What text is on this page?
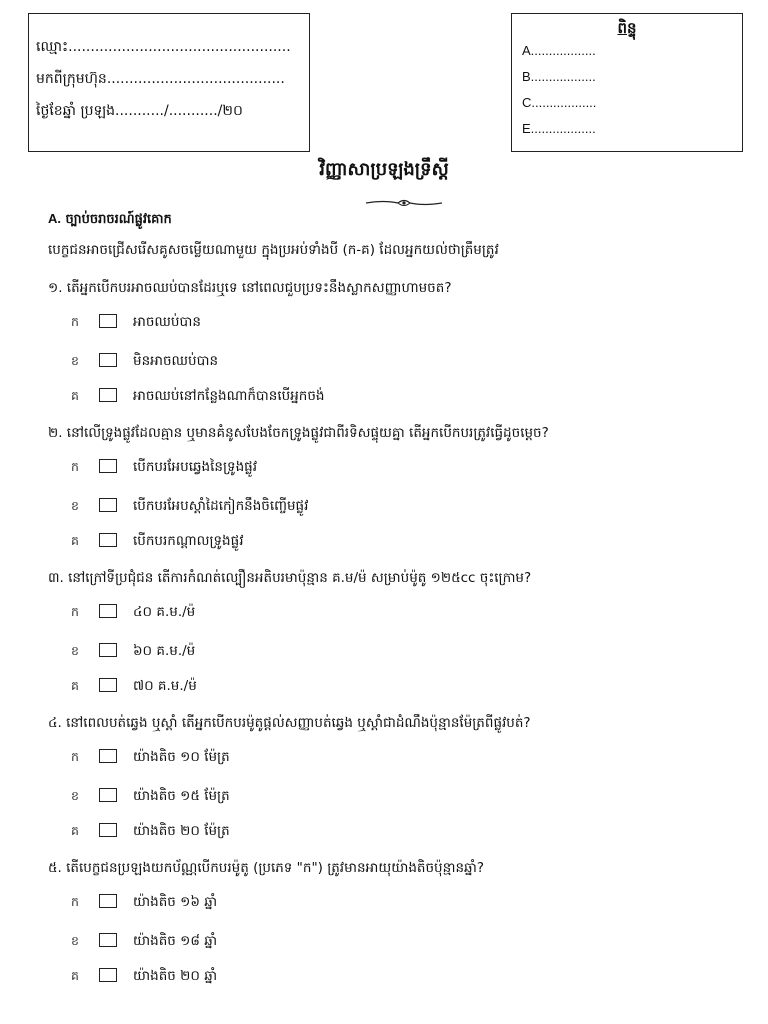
ឈ្មោះ..................................................
មកពីក្រុមហ៊ុន........................................
ថ្ងៃខែឆ្នាំ ប្រឡង.........../.........../២០
ពិន្ទុ
A..................
B..................
C..................
E..................
វិញ្ញាសាប្រឡងទ្រឹស្តី
A. ច្បាប់ចរាចរណ៍ផ្លូវគោក
បេក្ខជនអាចជ្រើសរើសគូសចម្លើយណាមួយ ក្នុងប្រអប់ទាំងបី (ក-គ) ដែលអ្នកយល់ថាត្រឹមត្រូវ
១. តើអ្នកបើកបរអាចឈប់បានដែរឬទេ នៅពេលជួបប្រទះនឹងស្លាកសញ្ញាហាមចត?
ក	អាចឈប់បាន
ខ	មិនអាចឈប់បាន
គ	អាចឈប់នៅកន្លែងណាក៏បានបើអ្នកចង់
២. នៅលើទ្រូងផ្លូវដែលគ្មាន ឬមានគំនូសបែងចែកទ្រូងផ្លូវជាពីរទិសផ្ទុយគ្នា តើអ្នកបើកបរត្រូវធ្វើដូចម្តេច?
ក	បើកបរអែបឆ្វេងនៃទ្រូងផ្លូវ
ខ	បើកបរអែបស្តាំដៃកៀកនឹងចិញ្ចើមផ្លូវ
គ	បើកបរកណ្តាលទ្រូងផ្លូវ
៣. នៅក្រៅទីប្រជុំជន តើការកំណត់ល្បឿនអតិបរមាប៉ុន្មាន គ.ម/ម៉ សម្រាប់ម៉ូតូ ១២៥cc ចុះក្រោម?
ក	៤០ គ.ម./ម៉
ខ	៦០ គ.ម./ម៉
គ	៧០ គ.ម./ម៉
៤. នៅពេលបត់ឆ្វេង ឬស្តាំ តើអ្នកបើកបរម៉ូតូផ្តល់សញ្ញាបត់ឆ្វេង ឬស្តាំជាដំណឹងប៉ុន្មានម៉ែត្រពីផ្លូវបត់?
ក	យ៉ាងតិច ១០ ម៉ែត្រ
ខ	យ៉ាងតិច ១៥ ម៉ែត្រ
គ	យ៉ាងតិច ២០ ម៉ែត្រ
៥. តើបេក្ខជនប្រឡងយកប័ណ្ណបើកបរម៉ូតូ (ប្រភេទ "ក") ត្រូវមានអាយុយ៉ាងតិចប៉ុន្មានឆ្នាំ?
ក	យ៉ាងតិច ១៦ ឆ្នាំ
ខ	យ៉ាងតិច ១៨ ឆ្នាំ
គ	យ៉ាងតិច ២០ ឆ្នាំ
